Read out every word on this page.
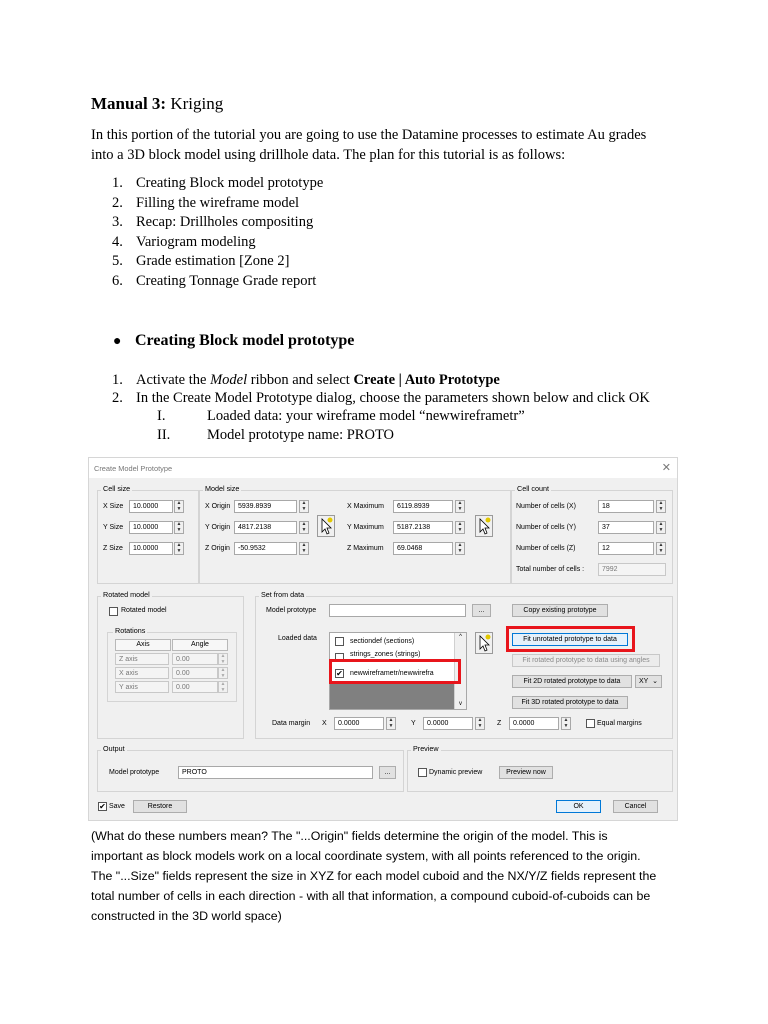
Manual 3: Kriging
In this portion of the tutorial you are going to use the Datamine processes to estimate Au grades
into a 3D block model using drillhole data. The plan for this tutorial is as follows:
1. Creating Block model prototype
2. Filling the wireframe model
3. Recap: Drillholes compositing
4. Variogram modeling
5. Grade estimation [Zone 2]
6. Creating Tonnage Grade report
● Creating Block model prototype
1. Activate the Model ribbon and select Create | Auto Prototype
2. In the Create Model Prototype dialog, choose the parameters shown below and click OK
I.	Loaded data: your wireframe model “newwireframetr”
II.	Model prototype name: PROTO
Create Model Prototype	✕
Cell size
X Size	10.0000	▲
▼
Y Size	10.0000	▲
▼
Z Size	10.0000	▲
▼
Model size
X Origin	5939.8939	▲
▼
Y Origin	4817.2138	▲
▼
Z Origin	-50.9532	▲
▼
X Maximum	6119.8939	▲
▼
Y Maximum	5187.2138	▲
▼
Z Maximum	69.0468	▲
▼
Cell count
Number of cells (X)	18	▲
▼
Number of cells (Y)	37	▲
▼
Number of cells (Z)	12	▲
▼
Total number of cells :	7992
Rotated model
Rotated model
Rotations
Axis	Angle
Z axis	0.00	▲
▼
X axis	0.00	▲
▼
Y axis	0.00	▲
▼
Set from data
Model prototype	...	Copy existing prototype
Loaded data	sectiondef (sections)
strings_zones (strings)
✔ newwireframetr/newwirefra
^
v
Fit unrotated prototype to data
Fit rotated prototype to data using angles
Fit 2D rotated prototype to data	XY ⌄
Fit 3D rotated prototype to data
Data margin X	0.0000	▲
▼	Y	0.0000	▲
▼	Z	0.0000	▲
▼	Equal margins
Output
Model prototype	PROTO	...
Preview
Dynamic preview	Preview now
✔ Save	Restore	OK	Cancel
(What do these numbers mean? The "...Origin" fields determine the origin of the model. This is
important as block models work on a local coordinate system, with all points referenced to the origin.
The "...Size" fields represent the size in XYZ for each model cuboid and the NX/Y/Z fields represent the
total number of cells in each direction - with all that information, a compound cuboid-of-cuboids can be
constructed in the 3D world space)
